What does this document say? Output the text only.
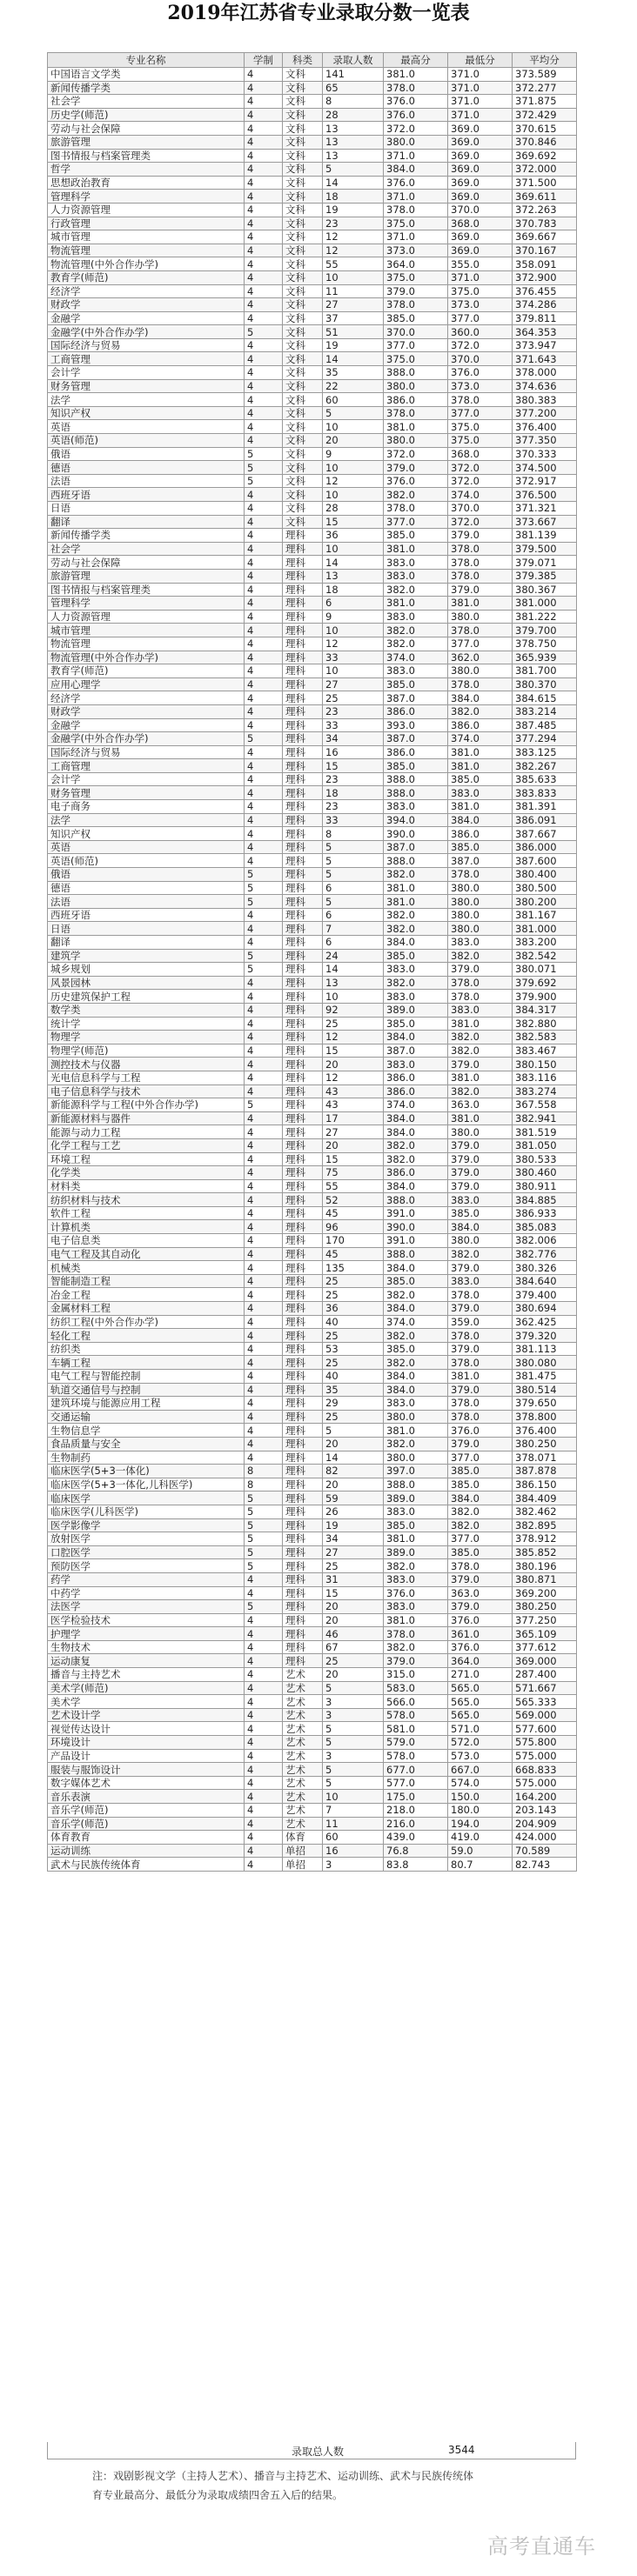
2019年江苏省专业录取分数一览表
专业名称	学制	科类	录取人数	最高分	最低分	平均分
中国语言文学类	4	文科	141	381.0	371.0	373.589
新闻传播学类	4	文科	65	378.0	371.0	372.277
社会学	4	文科	8	376.0	371.0	371.875
历史学(师范)	4	文科	28	376.0	371.0	372.429
劳动与社会保障	4	文科	13	372.0	369.0	370.615
旅游管理	4	文科	13	380.0	369.0	370.846
图书情报与档案管理类	4	文科	13	371.0	369.0	369.692
哲学	4	文科	5	384.0	369.0	372.000
思想政治教育	4	文科	14	376.0	369.0	371.500
管理科学	4	文科	18	371.0	369.0	369.611
人力资源管理	4	文科	19	378.0	370.0	372.263
行政管理	4	文科	23	375.0	368.0	370.783
城市管理	4	文科	12	371.0	369.0	369.667
物流管理	4	文科	12	373.0	369.0	370.167
物流管理(中外合作办学)	4	文科	55	364.0	355.0	358.091
教育学(师范)	4	文科	10	375.0	371.0	372.900
经济学	4	文科	11	379.0	375.0	376.455
财政学	4	文科	27	378.0	373.0	374.286
金融学	4	文科	37	385.0	377.0	379.811
金融学(中外合作办学)	5	文科	51	370.0	360.0	364.353
国际经济与贸易	4	文科	19	377.0	372.0	373.947
工商管理	4	文科	14	375.0	370.0	371.643
会计学	4	文科	35	388.0	376.0	378.000
财务管理	4	文科	22	380.0	373.0	374.636
法学	4	文科	60	386.0	378.0	380.383
知识产权	4	文科	5	378.0	377.0	377.200
英语	4	文科	10	381.0	375.0	376.400
英语(师范)	4	文科	20	380.0	375.0	377.350
俄语	5	文科	9	372.0	368.0	370.333
德语	5	文科	10	379.0	372.0	374.500
法语	5	文科	12	376.0	372.0	372.917
西班牙语	4	文科	10	382.0	374.0	376.500
日语	4	文科	28	378.0	370.0	371.321
翻译	4	文科	15	377.0	372.0	373.667
新闻传播学类	4	理科	36	385.0	379.0	381.139
社会学	4	理科	10	381.0	378.0	379.500
劳动与社会保障	4	理科	14	383.0	378.0	379.071
旅游管理	4	理科	13	383.0	378.0	379.385
图书情报与档案管理类	4	理科	18	382.0	379.0	380.367
管理科学	4	理科	6	381.0	381.0	381.000
人力资源管理	4	理科	9	383.0	380.0	381.222
城市管理	4	理科	10	382.0	378.0	379.700
物流管理	4	理科	12	382.0	377.0	378.750
物流管理(中外合作办学)	4	理科	33	374.0	362.0	365.939
教育学(师范)	4	理科	10	383.0	380.0	381.700
应用心理学	4	理科	27	385.0	378.0	380.370
经济学	4	理科	25	387.0	384.0	384.615
财政学	4	理科	23	386.0	382.0	383.214
金融学	4	理科	33	393.0	386.0	387.485
金融学(中外合作办学)	5	理科	34	387.0	374.0	377.294
国际经济与贸易	4	理科	16	386.0	381.0	383.125
工商管理	4	理科	15	385.0	381.0	382.267
会计学	4	理科	23	388.0	385.0	385.633
财务管理	4	理科	18	388.0	383.0	383.833
电子商务	4	理科	23	383.0	381.0	381.391
法学	4	理科	33	394.0	384.0	386.091
知识产权	4	理科	8	390.0	386.0	387.667
英语	4	理科	5	387.0	385.0	386.000
英语(师范)	4	理科	5	388.0	387.0	387.600
俄语	5	理科	5	382.0	378.0	380.400
德语	5	理科	6	381.0	380.0	380.500
法语	5	理科	5	381.0	380.0	380.200
西班牙语	4	理科	6	382.0	380.0	381.167
日语	4	理科	7	382.0	380.0	381.000
翻译	4	理科	6	384.0	383.0	383.200
建筑学	5	理科	24	385.0	382.0	382.542
城乡规划	5	理科	14	383.0	379.0	380.071
风景园林	4	理科	13	382.0	378.0	379.692
历史建筑保护工程	4	理科	10	383.0	378.0	379.900
数学类	4	理科	92	389.0	383.0	384.317
统计学	4	理科	25	385.0	381.0	382.880
物理学	4	理科	12	384.0	382.0	382.583
物理学(师范)	4	理科	15	387.0	382.0	383.467
测控技术与仪器	4	理科	20	383.0	379.0	380.150
光电信息科学与工程	4	理科	12	386.0	381.0	383.116
电子信息科学与技术	4	理科	43	386.0	382.0	383.274
新能源科学与工程(中外合作办学)	5	理科	43	374.0	363.0	367.558
新能源材料与器件	4	理科	17	384.0	381.0	382.941
能源与动力工程	4	理科	27	384.0	380.0	381.519
化学工程与工艺	4	理科	20	382.0	379.0	381.050
环境工程	4	理科	15	382.0	379.0	380.533
化学类	4	理科	75	386.0	379.0	380.460
材料类	4	理科	55	384.0	379.0	380.911
纺织材料与技术	4	理科	52	388.0	383.0	384.885
软件工程	4	理科	45	391.0	385.0	386.933
计算机类	4	理科	96	390.0	384.0	385.083
电子信息类	4	理科	170	391.0	380.0	382.006
电气工程及其自动化	4	理科	45	388.0	382.0	382.776
机械类	4	理科	135	384.0	379.0	380.326
智能制造工程	4	理科	25	385.0	383.0	384.640
冶金工程	4	理科	25	382.0	378.0	379.400
金属材料工程	4	理科	36	384.0	379.0	380.694
纺织工程(中外合作办学)	4	理科	40	374.0	359.0	362.425
轻化工程	4	理科	25	382.0	378.0	379.320
纺织类	4	理科	53	385.0	379.0	381.113
车辆工程	4	理科	25	382.0	378.0	380.080
电气工程与智能控制	4	理科	40	384.0	381.0	381.475
轨道交通信号与控制	4	理科	35	384.0	379.0	380.514
建筑环境与能源应用工程	4	理科	29	383.0	378.0	379.650
交通运输	4	理科	25	380.0	378.0	378.800
生物信息学	4	理科	5	381.0	376.0	376.400
食品质量与安全	4	理科	20	382.0	379.0	380.250
生物制药	4	理科	14	380.0	377.0	378.071
临床医学(5+3一体化)	8	理科	82	397.0	385.0	387.878
临床医学(5+3一体化,儿科医学)	8	理科	20	388.0	385.0	386.150
临床医学	5	理科	59	389.0	384.0	384.409
临床医学(儿科医学)	5	理科	26	383.0	382.0	382.462
医学影像学	5	理科	19	385.0	382.0	382.895
放射医学	5	理科	34	381.0	377.0	378.912
口腔医学	5	理科	27	389.0	385.0	385.852
预防医学	5	理科	25	382.0	378.0	380.196
药学	4	理科	31	383.0	379.0	380.871
中药学	4	理科	15	376.0	363.0	369.200
法医学	5	理科	20	383.0	379.0	380.250
医学检验技术	4	理科	20	381.0	376.0	377.250
护理学	4	理科	46	378.0	361.0	365.109
生物技术	4	理科	67	382.0	376.0	377.612
运动康复	4	理科	25	379.0	364.0	369.000
播音与主持艺术	4	艺术	20	315.0	271.0	287.400
美术学(师范)	4	艺术	5	583.0	565.0	571.667
美术学	4	艺术	3	566.0	565.0	565.333
艺术设计学	4	艺术	3	578.0	565.0	569.000
视觉传达设计	4	艺术	5	581.0	571.0	577.600
环境设计	4	艺术	5	579.0	572.0	575.800
产品设计	4	艺术	3	578.0	573.0	575.000
服装与服饰设计	4	艺术	5	677.0	667.0	668.833
数字媒体艺术	4	艺术	5	577.0	574.0	575.000
音乐表演	4	艺术	10	175.0	150.0	164.200
音乐学(师范)	4	艺术	7	218.0	180.0	203.143
音乐学(师范)	4	艺术	11	216.0	194.0	204.909
体育教育	4	体育	60	439.0	419.0	424.000
运动训练	4	单招	16	76.8	59.0	70.589
武术与民族传统体育	4	单招	3	83.8	80.7	82.743
录取总人数	3544
注：戏剧影视文学（主持人艺术）、播音与主持艺术、运动训练、武术与民族传统体育专业最高分、最低分为录取成绩四舍五入后的结果。
高考直通车
